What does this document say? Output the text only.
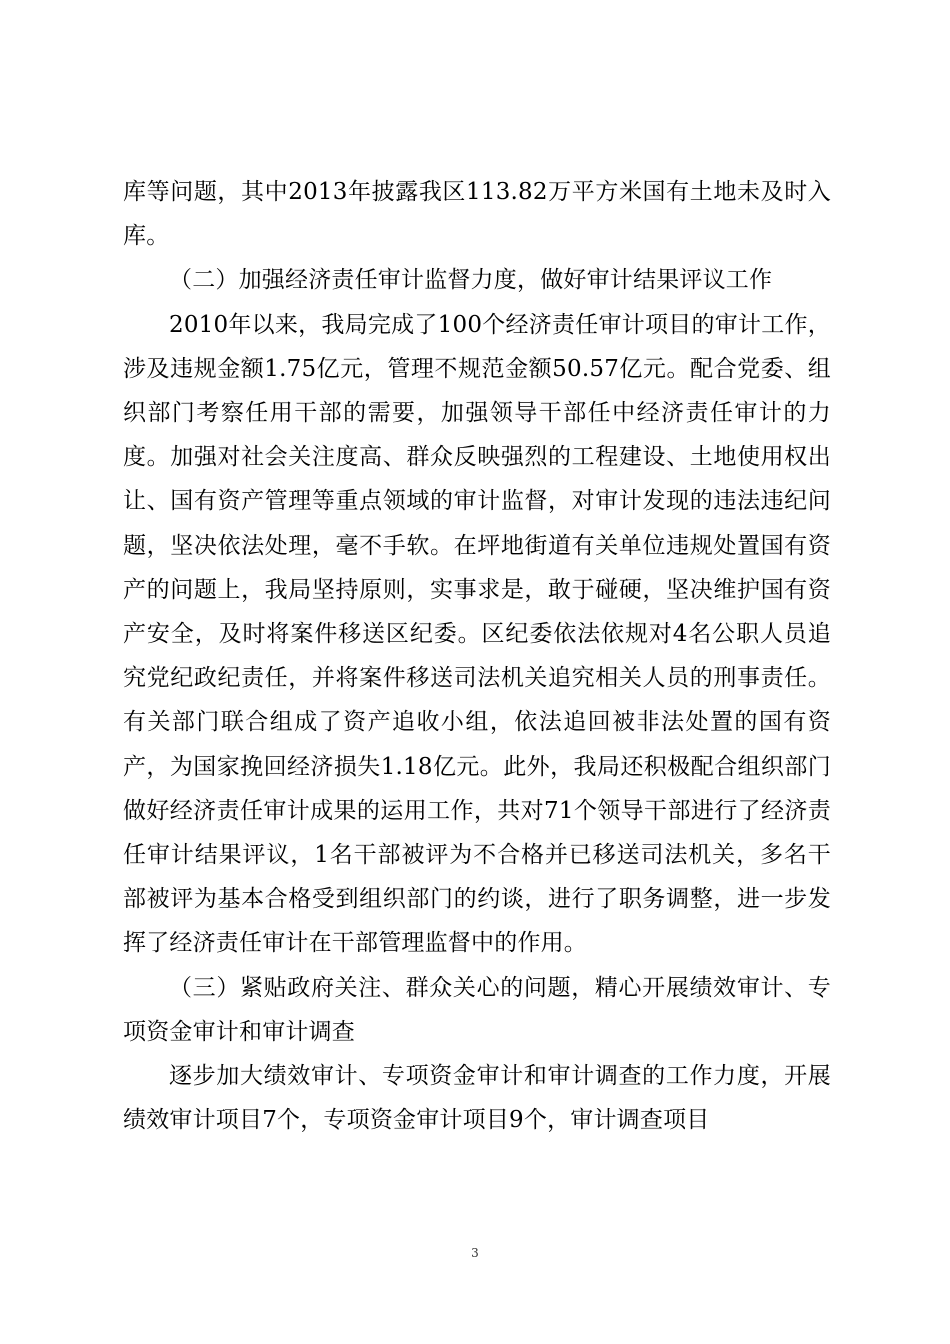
库等问题，其中2013年披露我区113.82万平方米国有土地未及时入库。

（二）加强经济责任审计监督力度，做好审计结果评议工作

2010年以来，我局完成了100个经济责任审计项目的审计工作，涉及违规金额1.75亿元，管理不规范金额50.57亿元。配合党委、组织部门考察任用干部的需要，加强领导干部任中经济责任审计的力度。加强对社会关注度高、群众反映强烈的工程建设、土地使用权出让、国有资产管理等重点领域的审计监督，对审计发现的违法违纪问题，坚决依法处理，毫不手软。在坪地街道有关单位违规处置国有资产的问题上，我局坚持原则，实事求是，敢于碰硬，坚决维护国有资产安全，及时将案件移送区纪委。区纪委依法依规对4名公职人员追究党纪政纪责任，并将案件移送司法机关追究相关人员的刑事责任。有关部门联合组成了资产追收小组，依法追回被非法处置的国有资产，为国家挽回经济损失1.18亿元。此外，我局还积极配合组织部门做好经济责任审计成果的运用工作，共对71个领导干部进行了经济责任审计结果评议，1名干部被评为不合格并已移送司法机关，多名干部被评为基本合格受到组织部门的约谈，进行了职务调整，进一步发挥了经济责任审计在干部管理监督中的作用。

（三）紧贴政府关注、群众关心的问题，精心开展绩效审计、专项资金审计和审计调查

逐步加大绩效审计、专项资金审计和审计调查的工作力度，开展绩效审计项目7个，专项资金审计项目9个，审计调查项目

3
